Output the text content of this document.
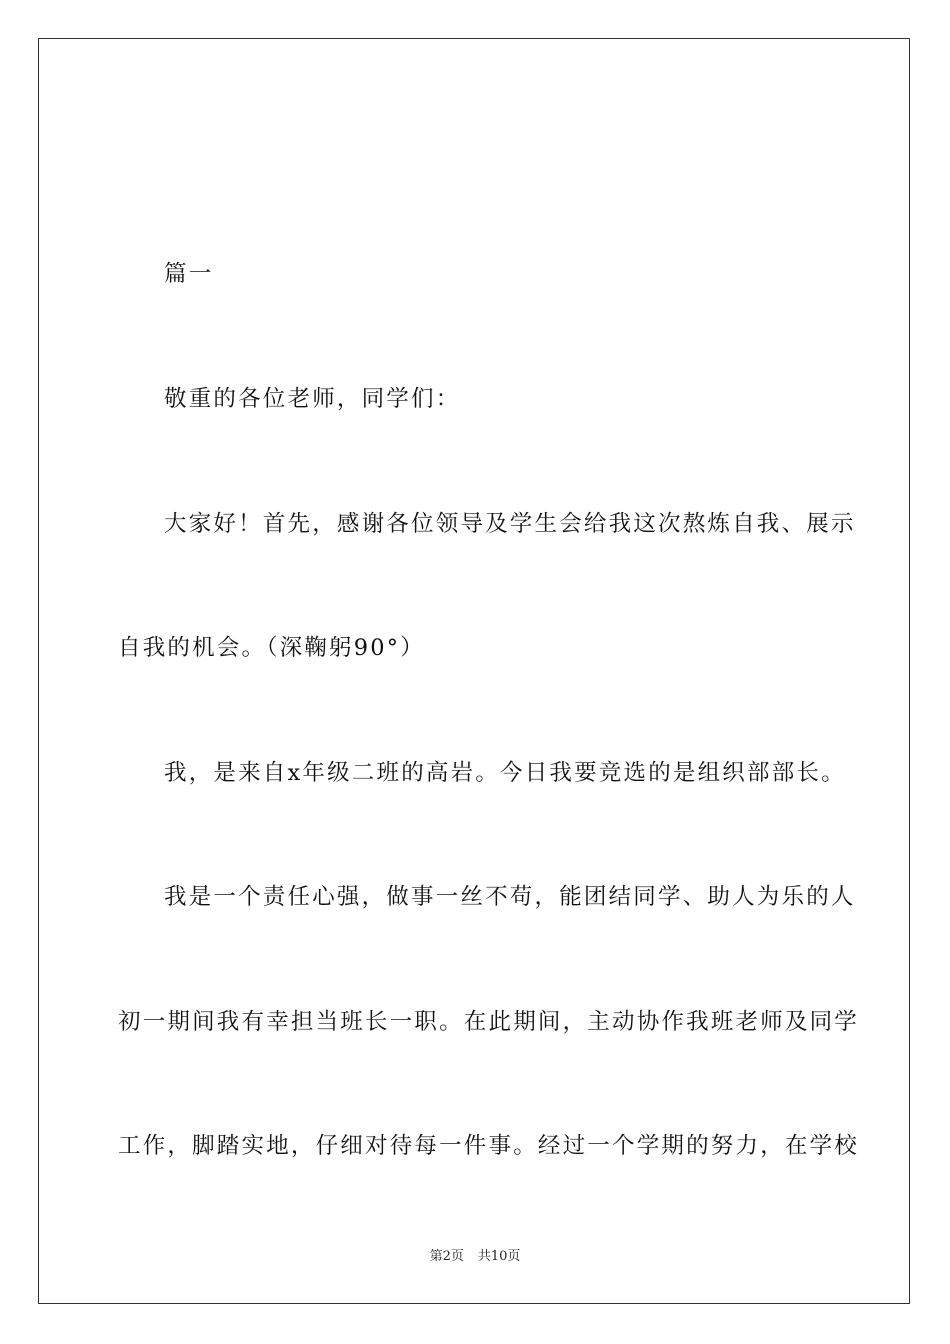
篇一
敬重的各位老师，同学们：
大家好！首先，感谢各位领导及学生会给我这次熬炼自我、展示
自我的机会。（深鞠躬90°）
我，是来自x年级二班的高岩。今日我要竞选的是组织部部长。
我是一个责任心强，做事一丝不苟，能团结同学、助人为乐的人
初一期间我有幸担当班长一职。在此期间，主动协作我班老师及同学
工作，脚踏实地，仔细对待每一件事。经过一个学期的努力，在学校
第2页 共10页
